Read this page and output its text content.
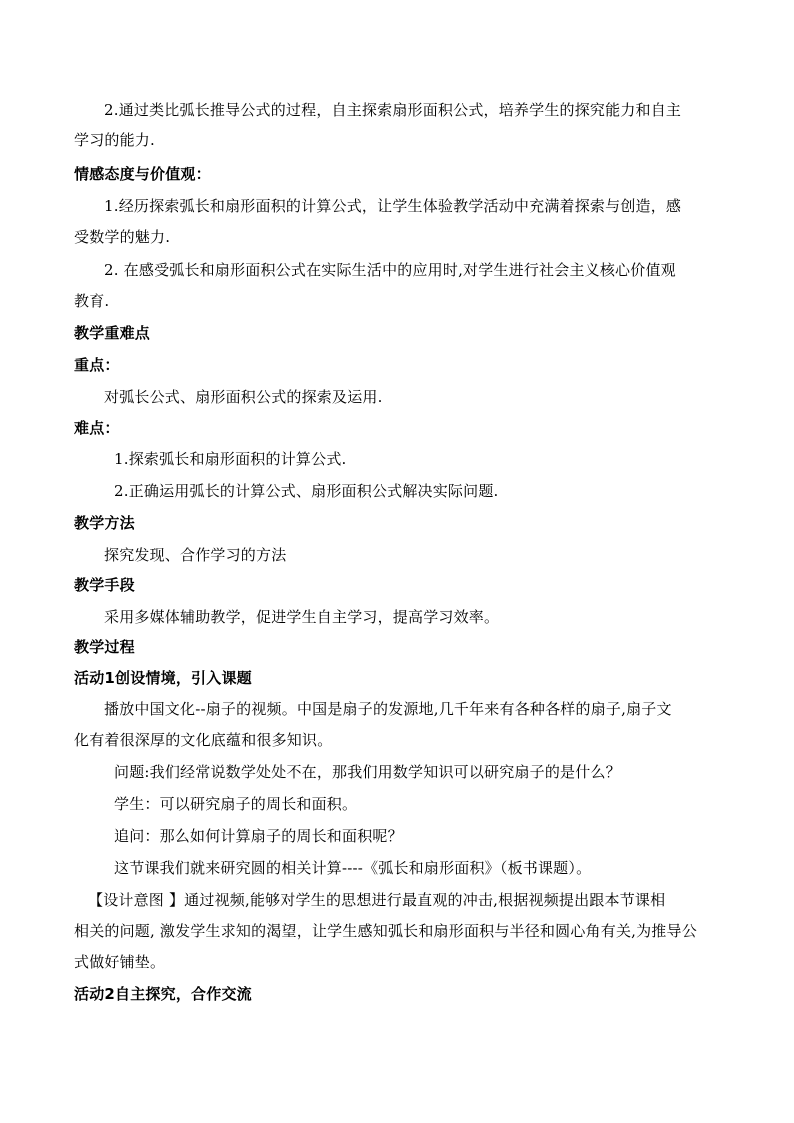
2.通过类比弧长推导公式的过程，自主探索扇形面积公式，培养学生的探究能力和自主
学习的能力.
情感态度与价值观：
1.经历探索弧长和扇形面积的计算公式，让学生体验教学活动中充满着探索与创造，感
受数学的魅力.
2. 在感受弧长和扇形面积公式在实际生活中的应用时,对学生进行社会主义核心价值观
教育.
教学重难点
重点：
对弧长公式、扇形面积公式的探索及运用.
难点：
1.探索弧长和扇形面积的计算公式.
2.正确运用弧长的计算公式、扇形面积公式解决实际问题.
教学方法
探究发现、合作学习的方法
教学手段
采用多媒体辅助教学，促进学生自主学习，提高学习效率。
教学过程
活动1创设情境，引入课题
播放中国文化--扇子的视频。中国是扇子的发源地,几千年来有各种各样的扇子,扇子文
化有着很深厚的文化底蕴和很多知识。
问题:我们经常说数学处处不在，那我们用数学知识可以研究扇子的是什么？
学生：可以研究扇子的周长和面积。
追问：那么如何计算扇子的周长和面积呢？
这节课我们就来研究圆的相关计算----《弧长和扇形面积》（板书课题）。
【设计意图 】通过视频,能够对学生的思想进行最直观的冲击,根据视频提出跟本节课相
相关的问题, 激发学生求知的渴望，让学生感知弧长和扇形面积与半径和圆心角有关,为推导公
式做好铺垫。
活动2自主探究，合作交流
